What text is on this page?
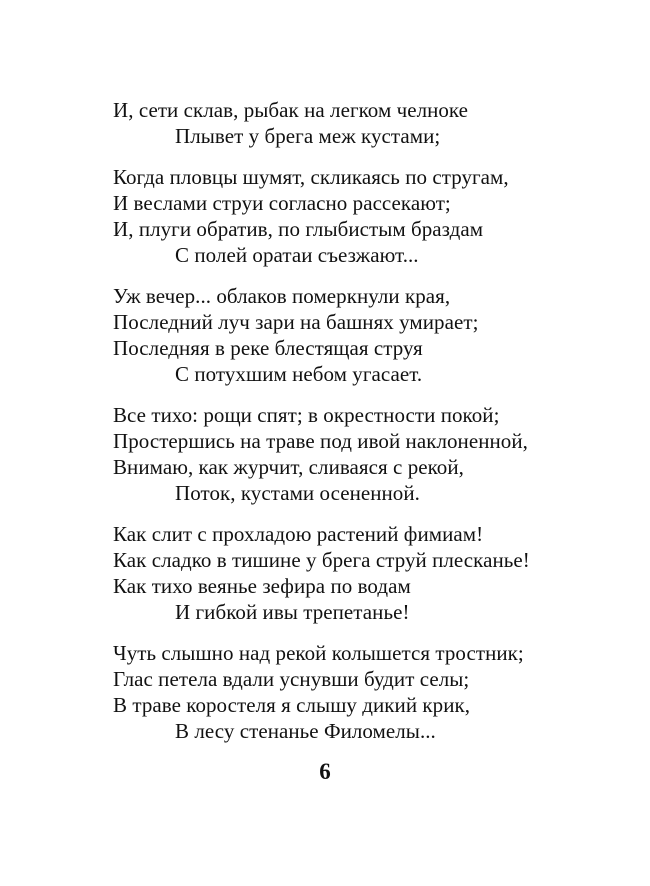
И, сети склав, рыбак на легком челноке
Плывет у брега меж кустами;
Когда пловцы шумят, скликаясь по стругам,
И веслами струи согласно рассекают;
И, плуги обратив, по глыбистым браздам
С полей оратаи съезжают...
Уж вечер... облаков померкнули края,
Последний луч зари на башнях умирает;
Последняя в реке блестящая струя
С потухшим небом угасает.
Все тихо: рощи спят; в окрестности покой;
Простершись на траве под ивой наклоненной,
Внимаю, как журчит, сливаяся с рекой,
Поток, кустами осененной.
Как слит с прохладою растений фимиам!
Как сладко в тишине у брега струй плесканье!
Как тихо веянье зефира по водам
И гибкой ивы трепетанье!
Чуть слышно над рекой колышется тростник;
Глас петела вдали уснувши будит селы;
В траве коростеля я слышу дикий крик,
В лесу стенанье Филомелы...
6
